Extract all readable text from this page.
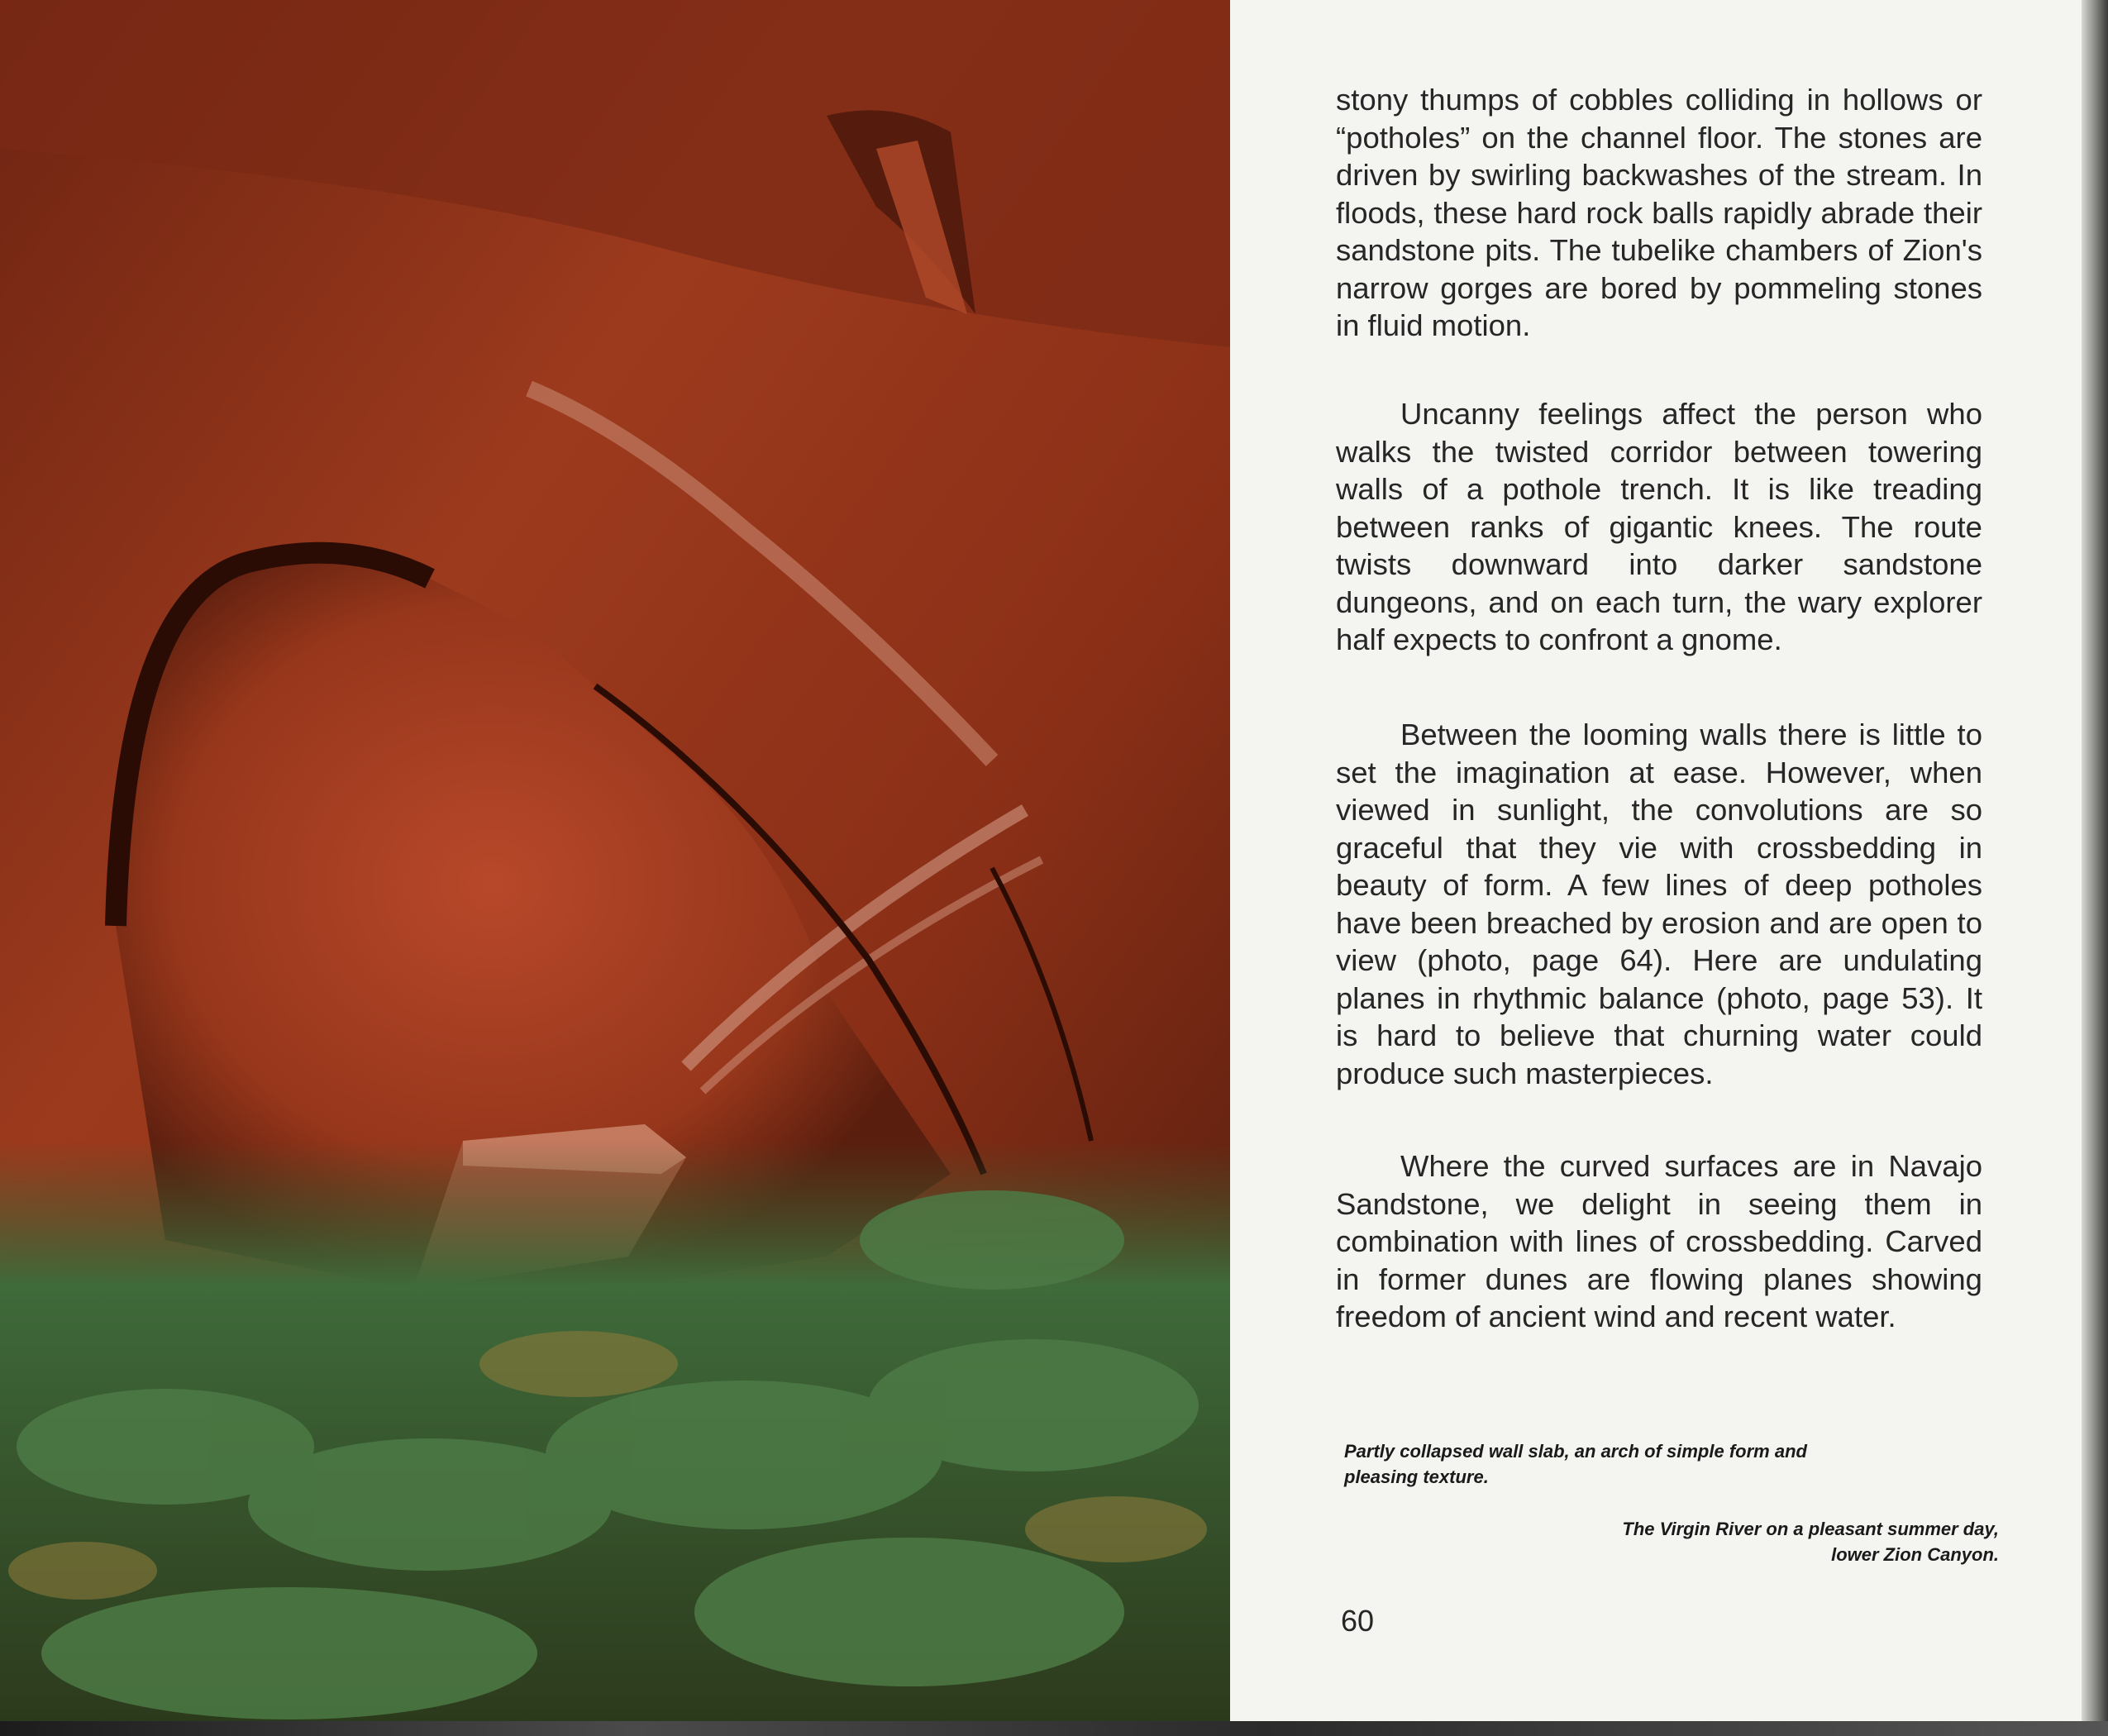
stony thumps of cobbles colliding in hollows or “potholes” on the channel floor. The stones are driven by swirling backwashes of the stream. In floods, these hard rock balls rapidly abrade their sandstone pits. The tubelike chambers of Zion's narrow gorges are bored by pommeling stones in fluid motion.

Uncanny feelings affect the person who walks the twisted corridor between towering walls of a pothole trench. It is like treading between ranks of gigantic knees. The route twists downward into darker sandstone dungeons, and on each turn, the wary explorer half expects to confront a gnome.

Between the looming walls there is little to set the imagination at ease. However, when viewed in sunlight, the convolutions are so graceful that they vie with crossbedding in beauty of form. A few lines of deep potholes have been breached by erosion and are open to view (photo, page 64). Here are undulating planes in rhythmic balance (photo, page 53). It is hard to believe that churning water could produce such masterpieces.

Where the curved surfaces are in Navajo Sandstone, we delight in seeing them in combination with lines of crossbedding. Carved in former dunes are flowing planes showing freedom of ancient wind and recent water.

Partly collapsed wall slab, an arch of simple form and pleasing texture.

The Virgin River on a pleasant summer day, lower Zion Canyon.

60
